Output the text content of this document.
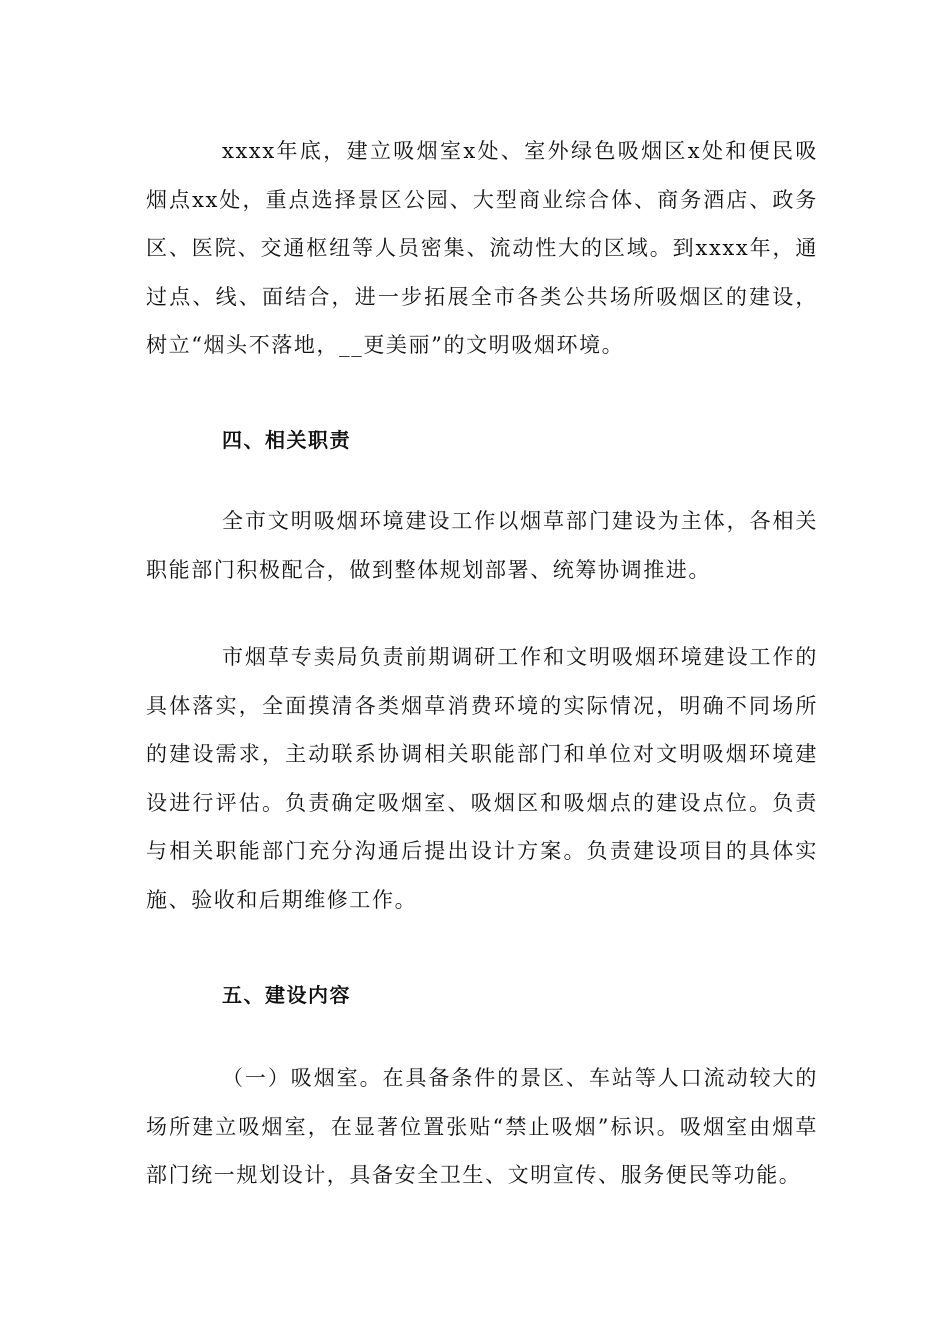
xxxx年底，建立吸烟室x处、室外绿色吸烟区x处和便民吸烟点xx处，重点选择景区公园、大型商业综合体、商务酒店、政务区、医院、交通枢纽等人员密集、流动性大的区域。到xxxx年，通过点、线、面结合，进一步拓展全市各类公共场所吸烟区的建设，树立“烟头不落地，__更美丽”的文明吸烟环境。

四、相关职责

全市文明吸烟环境建设工作以烟草部门建设为主体，各相关职能部门积极配合，做到整体规划部署、统筹协调推进。

市烟草专卖局负责前期调研工作和文明吸烟环境建设工作的具体落实，全面摸清各类烟草消费环境的实际情况，明确不同场所的建设需求，主动联系协调相关职能部门和单位对文明吸烟环境建设进行评估。负责确定吸烟室、吸烟区和吸烟点的建设点位。负责与相关职能部门充分沟通后提出设计方案。负责建设项目的具体实施、验收和后期维修工作。

五、建设内容

（一）吸烟室。在具备条件的景区、车站等人口流动较大的场所建立吸烟室，在显著位置张贴“禁止吸烟”标识。吸烟室由烟草部门统一规划设计，具备安全卫生、文明宣传、服务便民等功能。
